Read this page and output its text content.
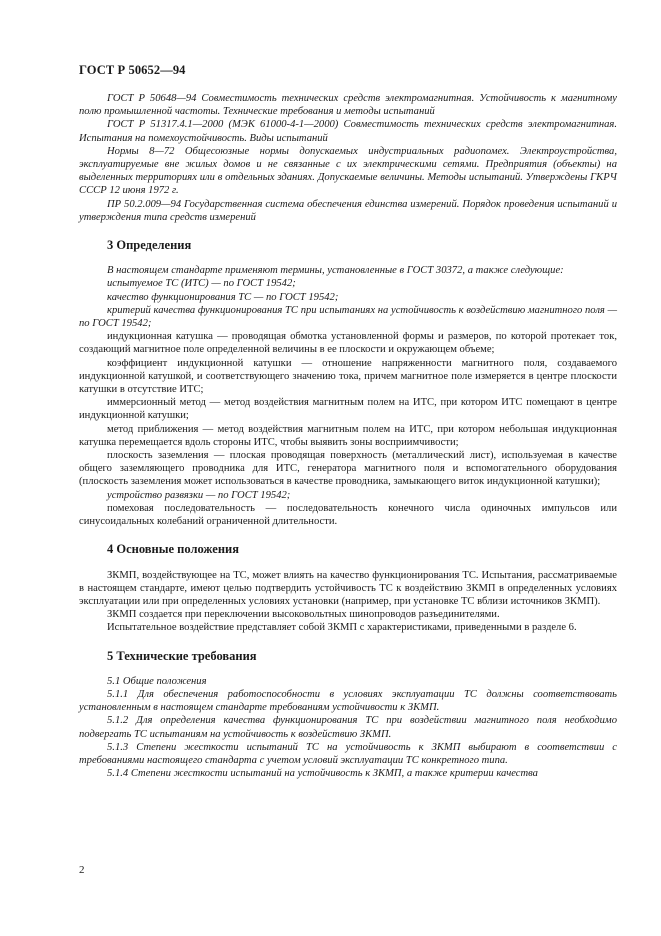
ГОСТ Р 50652—94

ГОСТ Р 50648—94 Совместимость технических средств электромагнитная. Устойчивость к магнитному полю промышленной частоты. Технические требования и методы испытаний

ГОСТ Р 51317.4.1—2000 (МЭК 61000-4-1—2000) Совместимость технических средств электромагнитная. Испытания на помехоустойчивость. Виды испытаний

Нормы 8—72 Общесоюзные нормы допускаемых индустриальных радиопомех. Электроустройства, эксплуатируемые вне жилых домов и не связанные с их электрическими сетями. Предприятия (объекты) на выделенных территориях или в отдельных зданиях. Допускаемые величины. Методы испытаний. Утверждены ГКРЧ СССР 12 июня 1972 г.

ПР 50.2.009—94 Государственная система обеспечения единства измерений. Порядок проведения испытаний и утверждения типа средств измерений

3 Определения

В настоящем стандарте применяют термины, установленные в ГОСТ 30372, а также следующие:

испытуемое ТС (ИТС) — по ГОСТ 19542;

качество функционирования ТС — по ГОСТ 19542;

критерий качества функционирования ТС при испытаниях на устойчивость к воздействию магнитного поля — по ГОСТ 19542;

индукционная катушка — проводящая обмотка установленной формы и размеров, по которой протекает ток, создающий магнитное поле определенной величины в ее плоскости и окружающем объеме;

коэффициент индукционной катушки — отношение напряженности магнитного поля, создаваемого индукционной катушкой, и соответствующего значению тока, причем магнитное поле измеряется в центре плоскости катушки в отсутствие ИТС;

иммерсионный метод — метод воздействия магнитным полем на ИТС, при котором ИТС помещают в центре индукционной катушки;

метод приближения — метод воздействия магнитным полем на ИТС, при котором небольшая индукционная катушка перемещается вдоль стороны ИТС, чтобы выявить зоны восприимчивости;

плоскость заземления — плоская проводящая поверхность (металлический лист), используемая в качестве общего заземляющего проводника для ИТС, генератора магнитного поля и вспомогательного оборудования (плоскость заземления может использоваться в качестве проводника, замыкающего виток индукционной катушки);

устройство развязки — по ГОСТ 19542;

помеховая последовательность — последовательность конечного числа одиночных импульсов или синусоидальных колебаний ограниченной длительности.

4 Основные положения

ЗКМП, воздействующее на ТС, может влиять на качество функционирования ТС. Испытания, рассматриваемые в настоящем стандарте, имеют целью подтвердить устойчивость ТС к воздействию ЗКМП в определенных условиях эксплуатации или при определенных условиях установки (например, при установке ТС вблизи источников ЗКМП).

ЗКМП создается при переключении высоковольтных шинопроводов разъединителями.

Испытательное воздействие представляет собой ЗКМП с характеристиками, приведенными в разделе 6.

5 Технические требования

5.1 Общие положения

5.1.1 Для обеспечения работоспособности в условиях эксплуатации ТС должны соответствовать установленным в настоящем стандарте требованиям устойчивости к ЗКМП.

5.1.2 Для определения качества функционирования ТС при воздействии магнитного поля необходимо подвергать ТС испытаниям на устойчивость к воздействию ЗКМП.

5.1.3 Степени жесткости испытаний ТС на устойчивость к ЗКМП выбирают в соответствии с требованиями настоящего стандарта с учетом условий эксплуатации ТС конкретного типа.

5.1.4 Степени жесткости испытаний на устойчивость к ЗКМП, а также критерии качества

2
